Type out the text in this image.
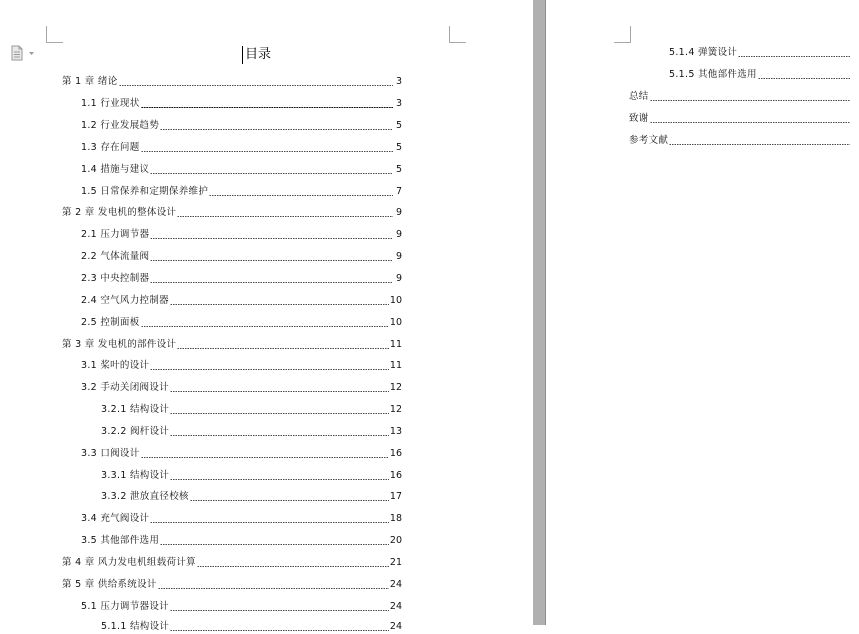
目录
第 1 章 绪论	3
1.1 行业现状	3
1.2 行业发展趋势	5
1.3 存在问题	5
1.4 措施与建议	5
1.5 日常保养和定期保养维护	7
第 2 章 发电机的整体设计	9
2.1 压力调节器	9
2.2 气体流量阀	9
2.3 中央控制器	9
2.4 空气风力控制器	10
2.5 控制面板	10
第 3 章 发电机的部件设计	11
3.1 桨叶的设计	11
3.2 手动关闭阀设计	12
3.2.1 结构设计	12
3.2.2 阀杆设计	13
3.3 口阀设计	16
3.3.1 结构设计	16
3.3.2 泄放直径校核	17
3.4 充气阀设计	18
3.5 其他部件选用	20
第 4 章 风力发电机组载荷计算	21
第 5 章 供给系统设计	24
5.1 压力调节器设计	24
5.1.1 结构设计	24
5.1.4 弹簧设计
5.1.5 其他部件选用
总结
致谢
参考文献
